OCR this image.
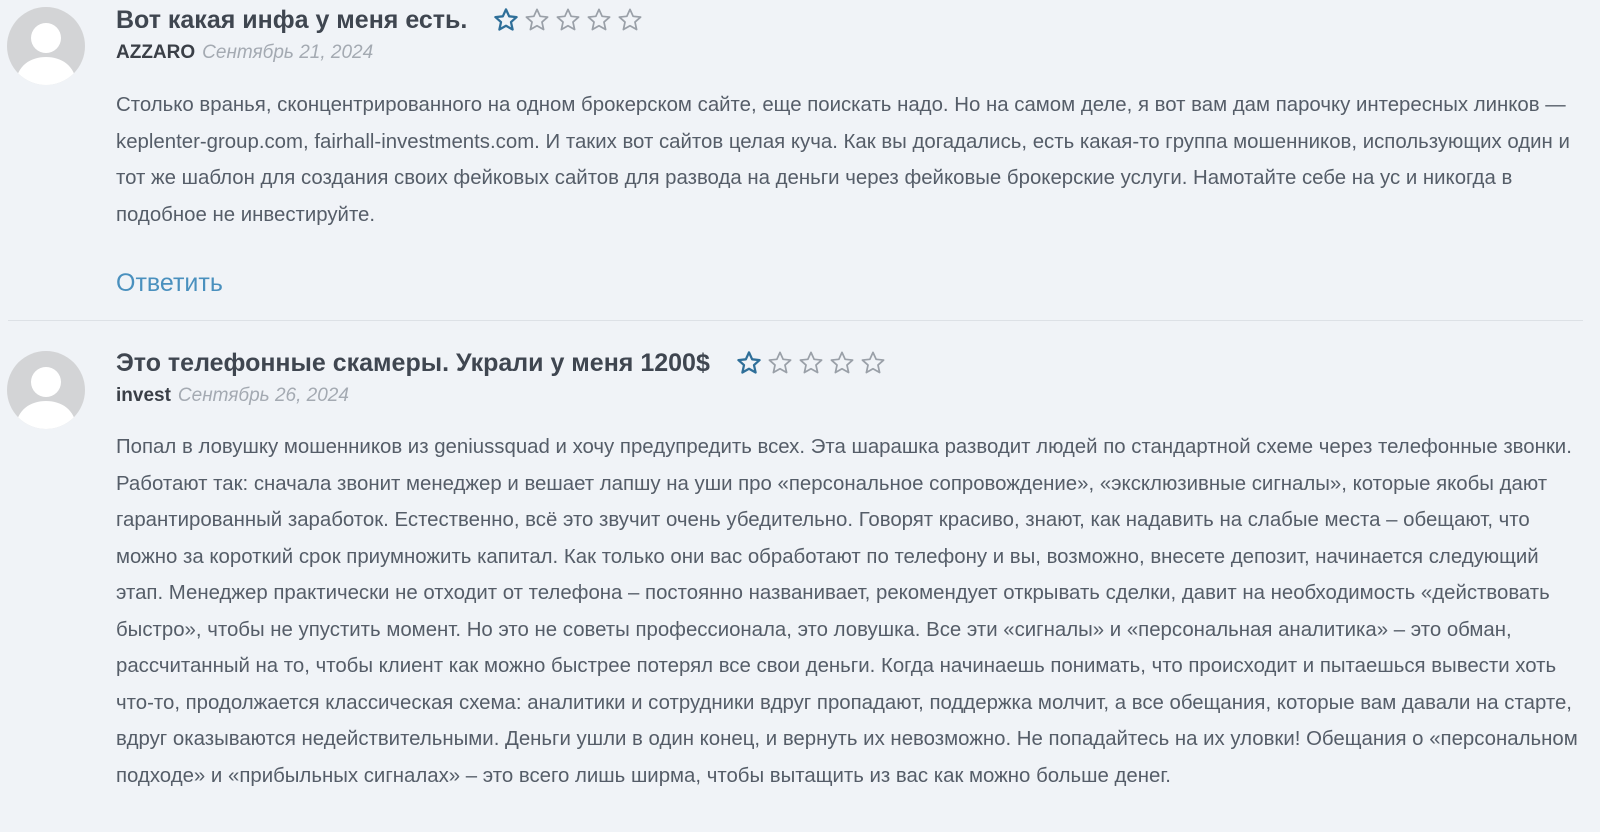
Вот какая инфа у меня есть.
AZZARO Сентябрь 21, 2024

Столько вранья, сконцентрированного на одном брокерском сайте, еще поискать надо. Но на самом деле, я вот вам дам парочку интересных линков — keplenter-group.com, fairhall-investments.com. И таких вот сайтов целая куча. Как вы догадались, есть какая-то группа мошенников, использующих один и тот же шаблон для создания своих фейковых сайтов для развода на деньги через фейковые брокерские услуги. Намотайте себе на ус и никогда в подобное не инвестируйте.

Ответить
Это телефонные скамеры. Украли у меня 1200$
invest Сентябрь 26, 2024

Попал в ловушку мошенников из geniussquad и хочу предупредить всех. Эта шарашка разводит людей по стандартной схеме через телефонные звонки. Работают так: сначала звонит менеджер и вешает лапшу на уши про «персональное сопровождение», «эксклюзивные сигналы», которые якобы дают гарантированный заработок. Естественно, всё это звучит очень убедительно. Говорят красиво, знают, как надавить на слабые места – обещают, что можно за короткий срок приумножить капитал. Как только они вас обработают по телефону и вы, возможно, внесете депозит, начинается следующий этап. Менеджер практически не отходит от телефона – постоянно названивает, рекомендует открывать сделки, давит на необходимость «действовать быстро», чтобы не упустить момент. Но это не советы профессионала, это ловушка. Все эти «сигналы» и «персональная аналитика» – это обман, рассчитанный на то, чтобы клиент как можно быстрее потерял все свои деньги. Когда начинаешь понимать, что происходит и пытаешься вывести хоть что-то, продолжается классическая схема: аналитики и сотрудники вдруг пропадают, поддержка молчит, а все обещания, которые вам давали на старте, вдруг оказываются недействительными. Деньги ушли в один конец, и вернуть их невозможно. Не попадайтесь на их уловки! Обещания о «персональном подходе» и «прибыльных сигналах» – это всего лишь ширма, чтобы вытащить из вас как можно больше денег.
